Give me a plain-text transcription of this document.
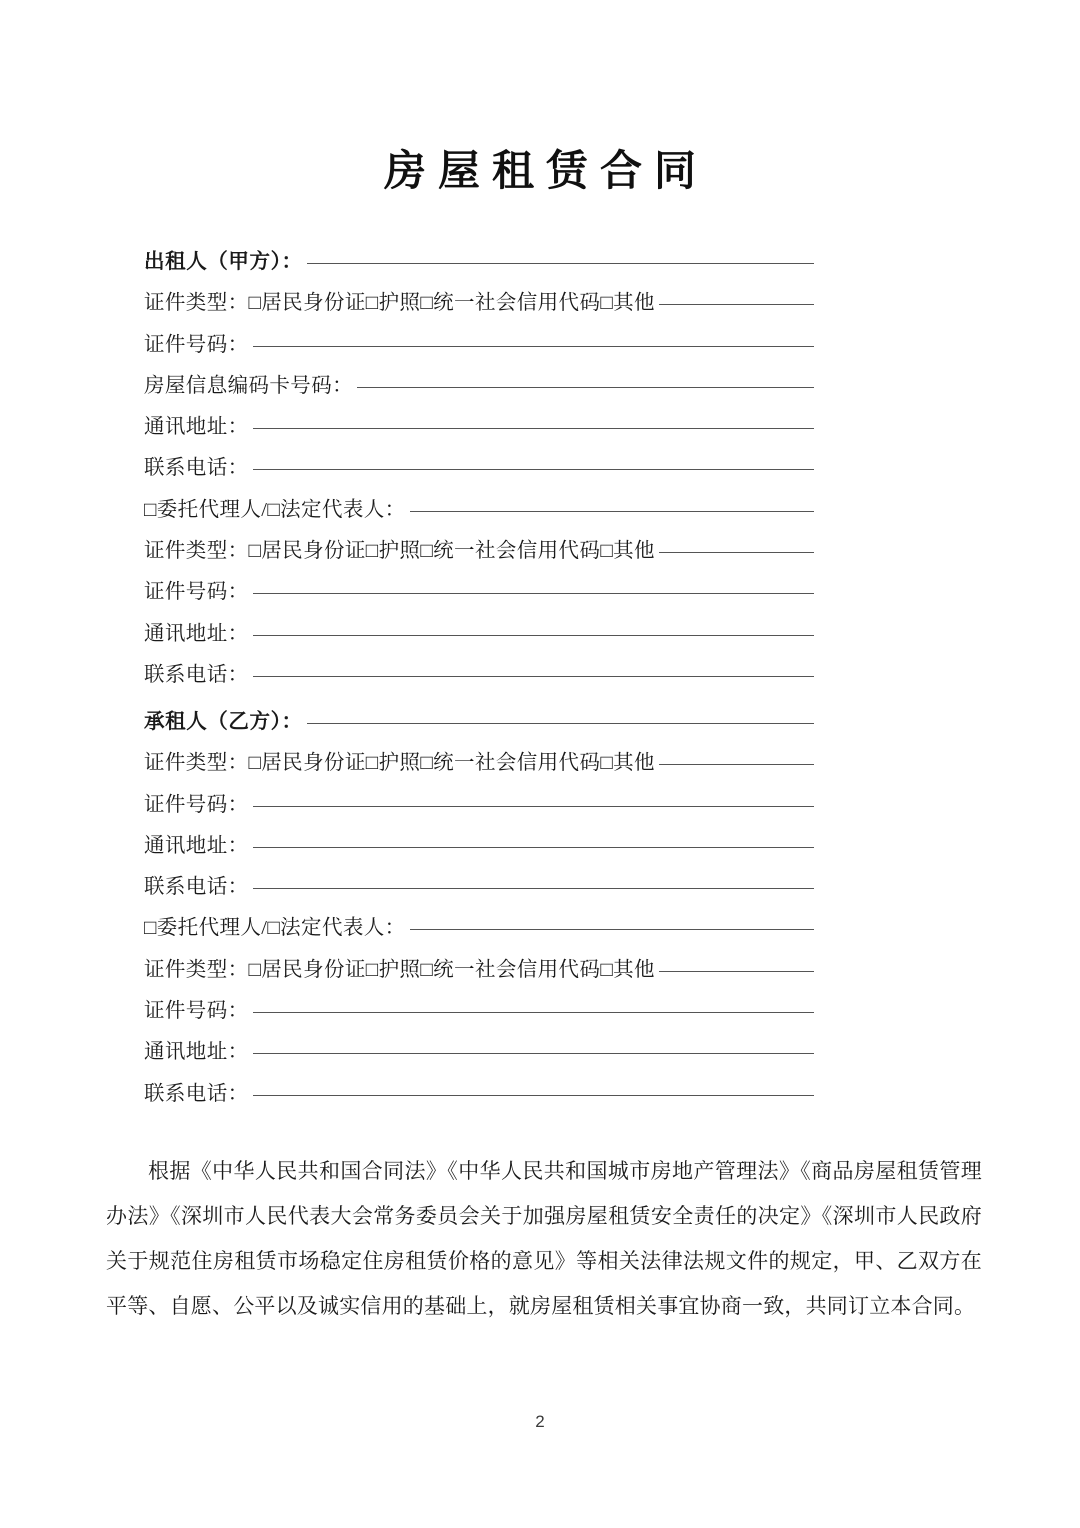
房屋租赁合同
出租人（甲方）：
证件类型：□居民身份证□护照□统一社会信用代码□其他
证件号码：
房屋信息编码卡号码：
通讯地址：
联系电话：
□委托代理人/□法定代表人：
证件类型：□居民身份证□护照□统一社会信用代码□其他
证件号码：
通讯地址：
联系电话：
承租人（乙方）：
证件类型：□居民身份证□护照□统一社会信用代码□其他
证件号码：
通讯地址：
联系电话：
□委托代理人/□法定代表人：
证件类型：□居民身份证□护照□统一社会信用代码□其他
证件号码：
通讯地址：
联系电话：

根据《中华人民共和国合同法》《中华人民共和国城市房地产管理法》《商品房屋租赁管理办法》《深圳市人民代表大会常务委员会关于加强房屋租赁安全责任的决定》《深圳市人民政府关于规范住房租赁市场稳定住房租赁价格的意见》等相关法律法规文件的规定，甲、乙双方在平等、自愿、公平以及诚实信用的基础上，就房屋租赁相关事宜协商一致，共同订立本合同。

2
